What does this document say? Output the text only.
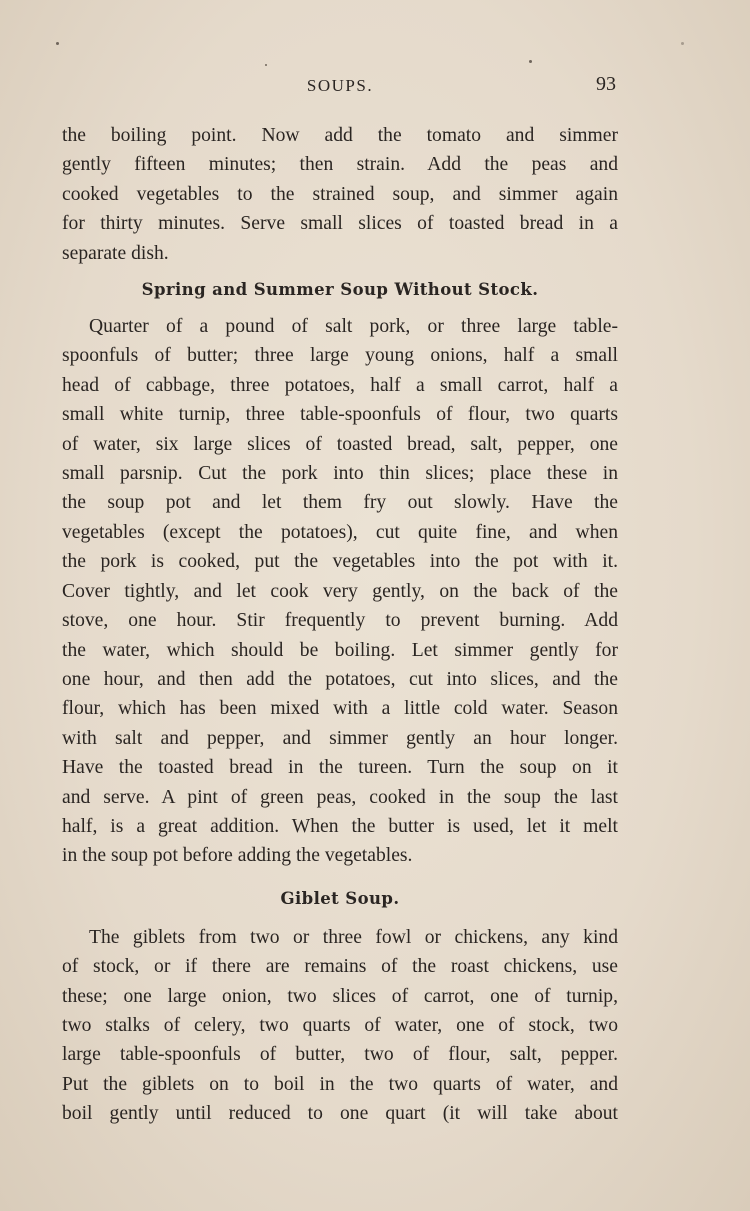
SOUPS.	93

the boiling point. Now add the tomato and simmer
gently fifteen minutes; then strain. Add the peas and
cooked vegetables to the strained soup, and simmer again
for thirty minutes. Serve small slices of toasted bread in a
separate dish.

Spring and Summer Soup Without Stock.

Quarter of a pound of salt pork, or three large table-
spoonfuls of butter; three large young onions, half a small
head of cabbage, three potatoes, half a small carrot, half a
small white turnip, three table-spoonfuls of flour, two quarts
of water, six large slices of toasted bread, salt, pepper, one
small parsnip. Cut the pork into thin slices; place these in
the soup pot and let them fry out slowly. Have the
vegetables (except the potatoes), cut quite fine, and when
the pork is cooked, put the vegetables into the pot with it.
Cover tightly, and let cook very gently, on the back of the
stove, one hour. Stir frequently to prevent burning. Add
the water, which should be boiling. Let simmer gently for
one hour, and then add the potatoes, cut into slices, and the
flour, which has been mixed with a little cold water. Season
with salt and pepper, and simmer gently an hour longer.
Have the toasted bread in the tureen. Turn the soup on it
and serve. A pint of green peas, cooked in the soup the last
half, is a great addition. When the butter is used, let it melt
in the soup pot before adding the vegetables.

Giblet Soup.

The giblets from two or three fowl or chickens, any kind
of stock, or if there are remains of the roast chickens, use
these; one large onion, two slices of carrot, one of turnip,
two stalks of celery, two quarts of water, one of stock, two
large table-spoonfuls of butter, two of flour, salt, pepper.
Put the giblets on to boil in the two quarts of water, and
boil gently until reduced to one quart (it will take about
